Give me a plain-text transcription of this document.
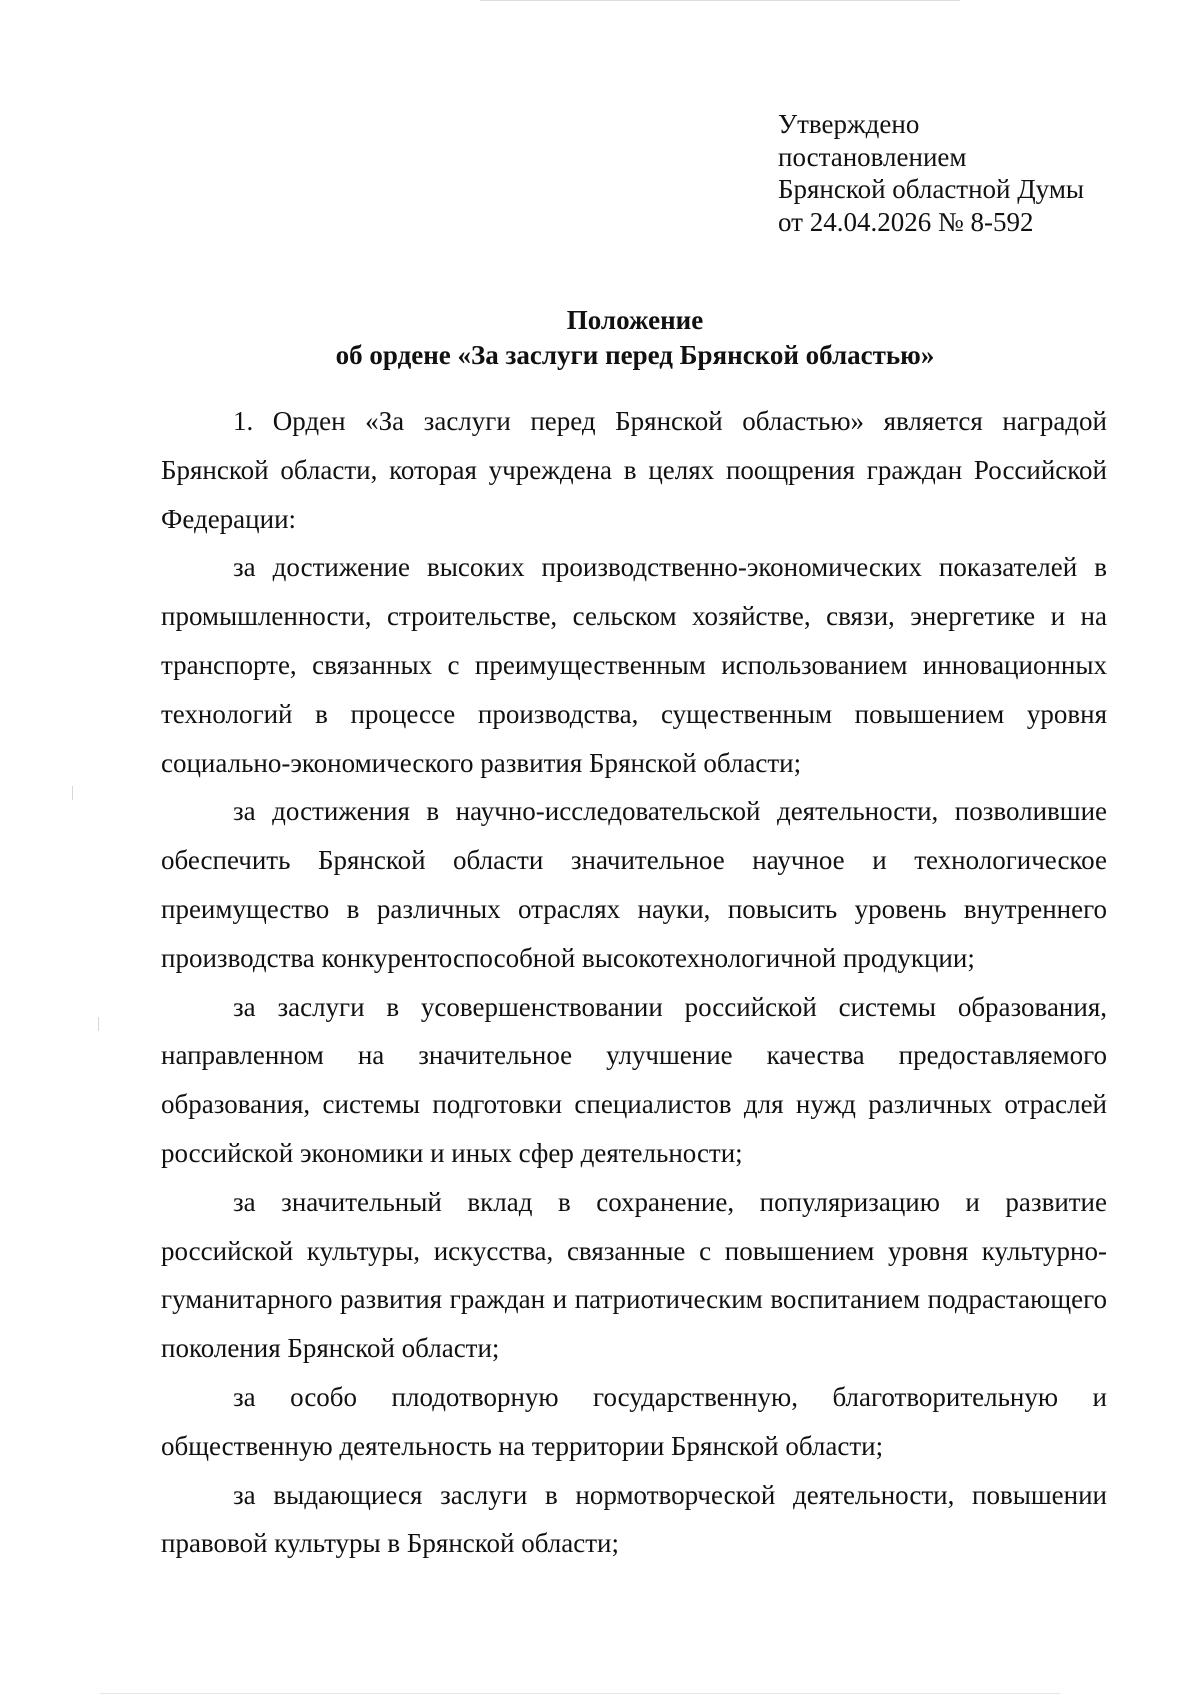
Утверждено
постановлением
Брянской областной Думы
от 24.04.2026 № 8-592
Положение
об ордене «За заслуги перед Брянской областью»

1. Орден «За заслуги перед Брянской областью» является наградой Брянской области, которая учреждена в целях поощрения граждан Российской Федерации:

за достижение высоких производственно-экономических показателей в промышленности, строительстве, сельском хозяйстве, связи, энергетике и на транспорте, связанных с преимущественным использованием инновационных технологий в процессе производства, существенным повышением уровня социально-экономического развития Брянской области;

за достижения в научно-исследовательской деятельности, позволившие обеспечить Брянской области значительное научное и технологическое преимущество в различных отраслях науки, повысить уровень внутреннего производства конкурентоспособной высокотехнологичной продукции;

за заслуги в усовершенствовании российской системы образования, направленном на значительное улучшение качества предоставляемого образования, системы подготовки специалистов для нужд различных отраслей российской экономики и иных сфер деятельности;

за значительный вклад в сохранение, популяризацию и развитие российской культуры, искусства, связанные с повышением уровня культурно-гуманитарного развития граждан и патриотическим воспитанием подрастающего поколения Брянской области;

за особо плодотворную государственную, благотворительную и общественную деятельность на территории Брянской области;

за выдающиеся заслуги в нормотворческой деятельности, повышении правовой культуры в Брянской области;
